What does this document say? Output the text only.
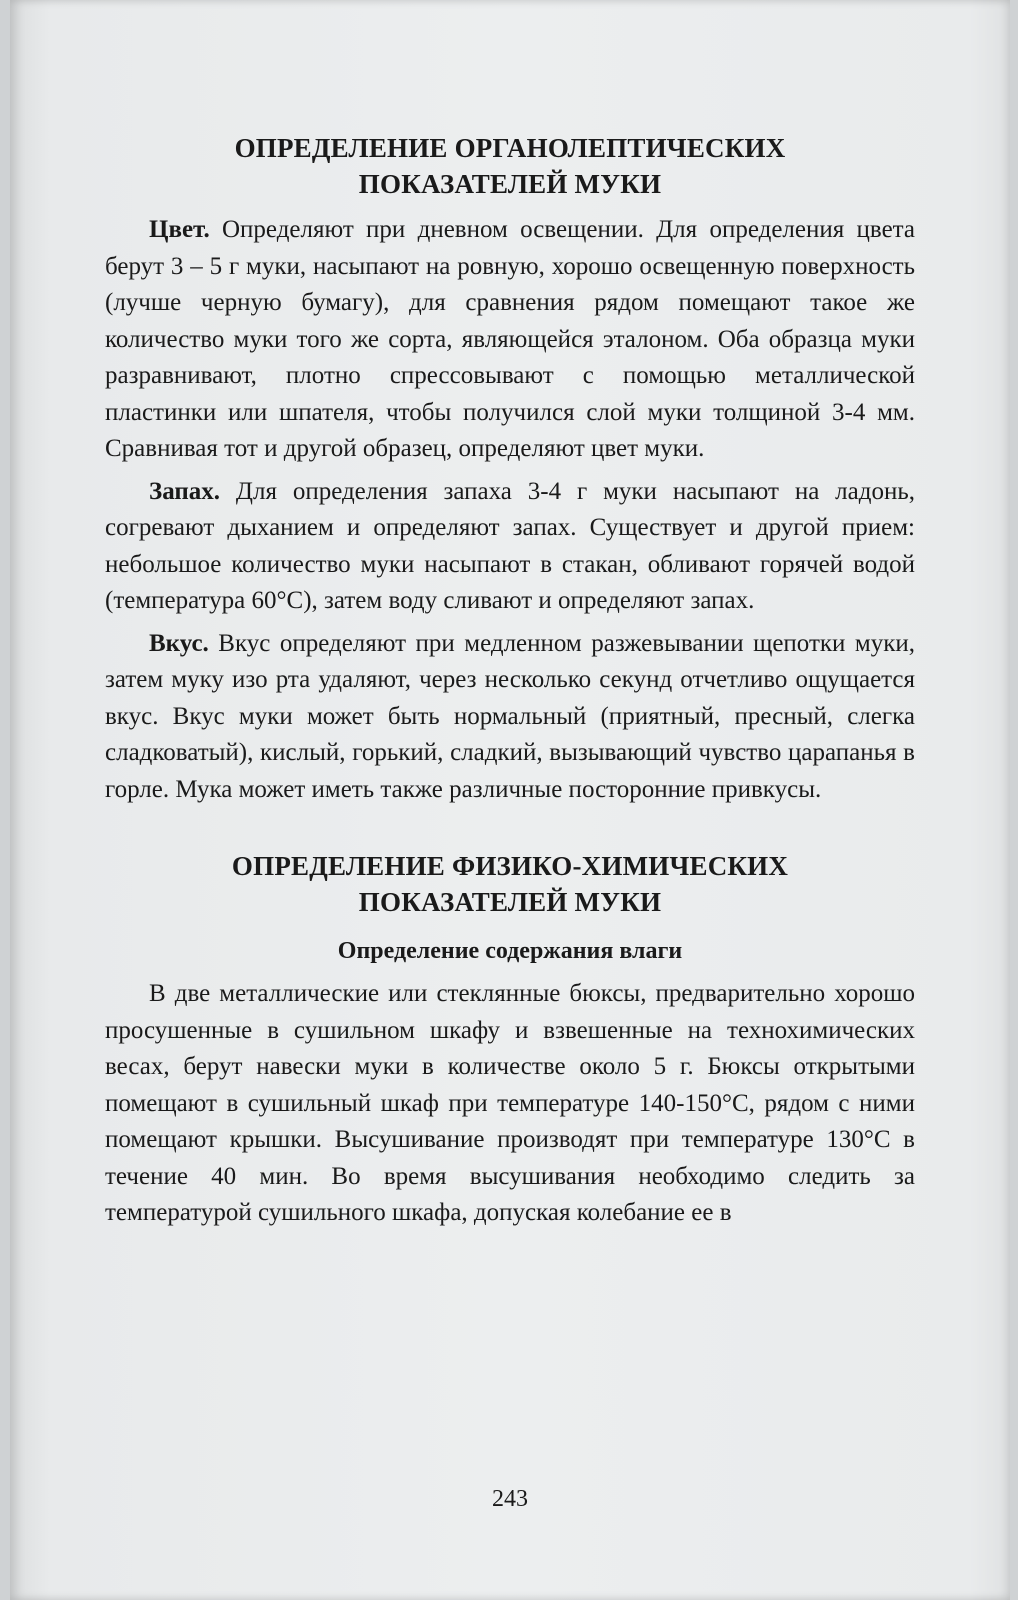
ОПРЕДЕЛЕНИЕ ОРГАНОЛЕПТИЧЕСКИХ
ПОКАЗАТЕЛЕЙ МУКИ

Цвет. Определяют при дневном освещении. Для определения цвета берут 3 – 5 г муки, насыпают на ровную, хорошо освещенную поверхность (лучше черную бумагу), для сравнения рядом помещают такое же количество муки того же сорта, являющейся эталоном. Оба образца муки разравнивают, плотно спрессовывают с помощью металлической пластинки или шпателя, чтобы получился слой муки толщиной 3-4 мм. Сравнивая тот и другой образец, определяют цвет муки.

Запах. Для определения запаха 3-4 г муки насыпают на ладонь, согревают дыханием и определяют запах. Существует и другой прием: небольшое количество муки насыпают в стакан, обливают горячей водой (температура 60°С), затем воду сливают и определяют запах.

Вкус. Вкус определяют при медленном разжевывании щепотки муки, затем муку изо рта удаляют, через несколько секунд отчетливо ощущается вкус. Вкус муки может быть нормальный (приятный, пресный, слегка сладковатый), кислый, горький, сладкий, вызывающий чувство царапанья в горле. Мука может иметь также различные посторонние привкусы.

ОПРЕДЕЛЕНИЕ ФИЗИКО-ХИМИЧЕСКИХ
ПОКАЗАТЕЛЕЙ МУКИ
Определение содержания влаги

В две металлические или стеклянные бюксы, предварительно хорошо просушенные в сушильном шкафу и взвешенные на технохимических весах, берут навески муки в количестве около 5 г. Бюксы открытыми помещают в сушильный шкаф при температуре 140-150°С, рядом с ними помещают крышки. Высушивание производят при температуре 130°С в течение 40 мин. Во время высушивания необходимо следить за температурой сушильного шкафа, допуская колебание ее в

243
